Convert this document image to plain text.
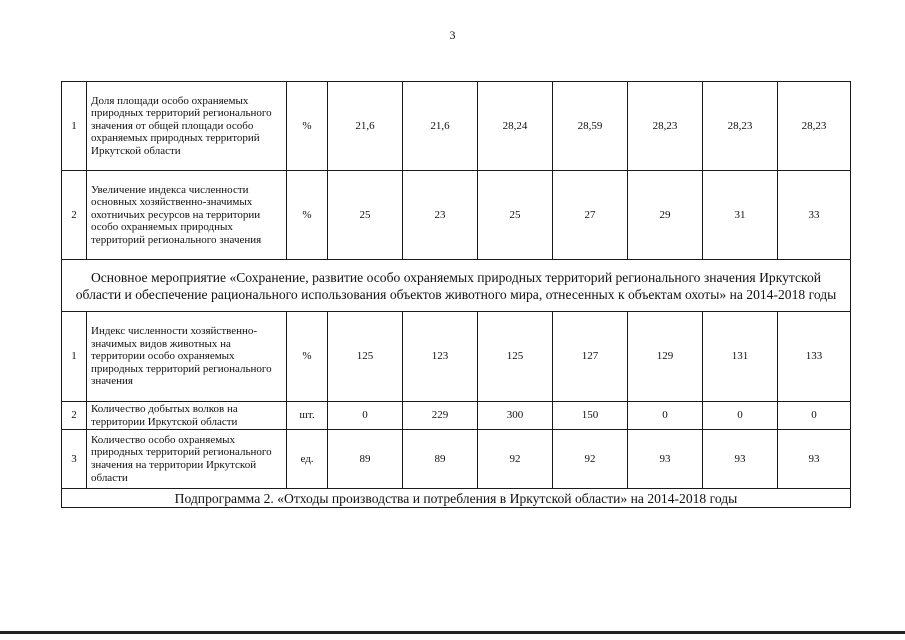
3
1	Доля площади особо охраняемых природных территорий регионального значения от общей площади особо охраняемых природных территорий Иркутской области	%	21,6	21,6	28,24	28,59	28,23	28,23	28,23
2	Увеличение индекса численности основных хозяйственно-значимых охотничьих ресурсов на территории особо охраняемых природных территорий регионального значения	%	25	23	25	27	29	31	33
Основное мероприятие «Сохранение, развитие особо охраняемых природных территорий регионального значения Иркутской области и обеспечение рационального использования объектов животного мира, отнесенных к объектам охоты» на 2014-2018 годы									
1	Индекс численности хозяйственно-значимых видов животных на территории особо охраняемых природных территорий регионального значения	%	125	123	125	127	129	131	133
2	Количество добытых волков на территории Иркутской области	шт.	0	229	300	150	0	0	0
3	Количество особо охраняемых природных территорий регионального значения на территории Иркутской области	ед.	89	89	92	92	93	93	93
Подпрограмма 2. «Отходы производства и потребления в Иркутской области» на 2014-2018 годы									
